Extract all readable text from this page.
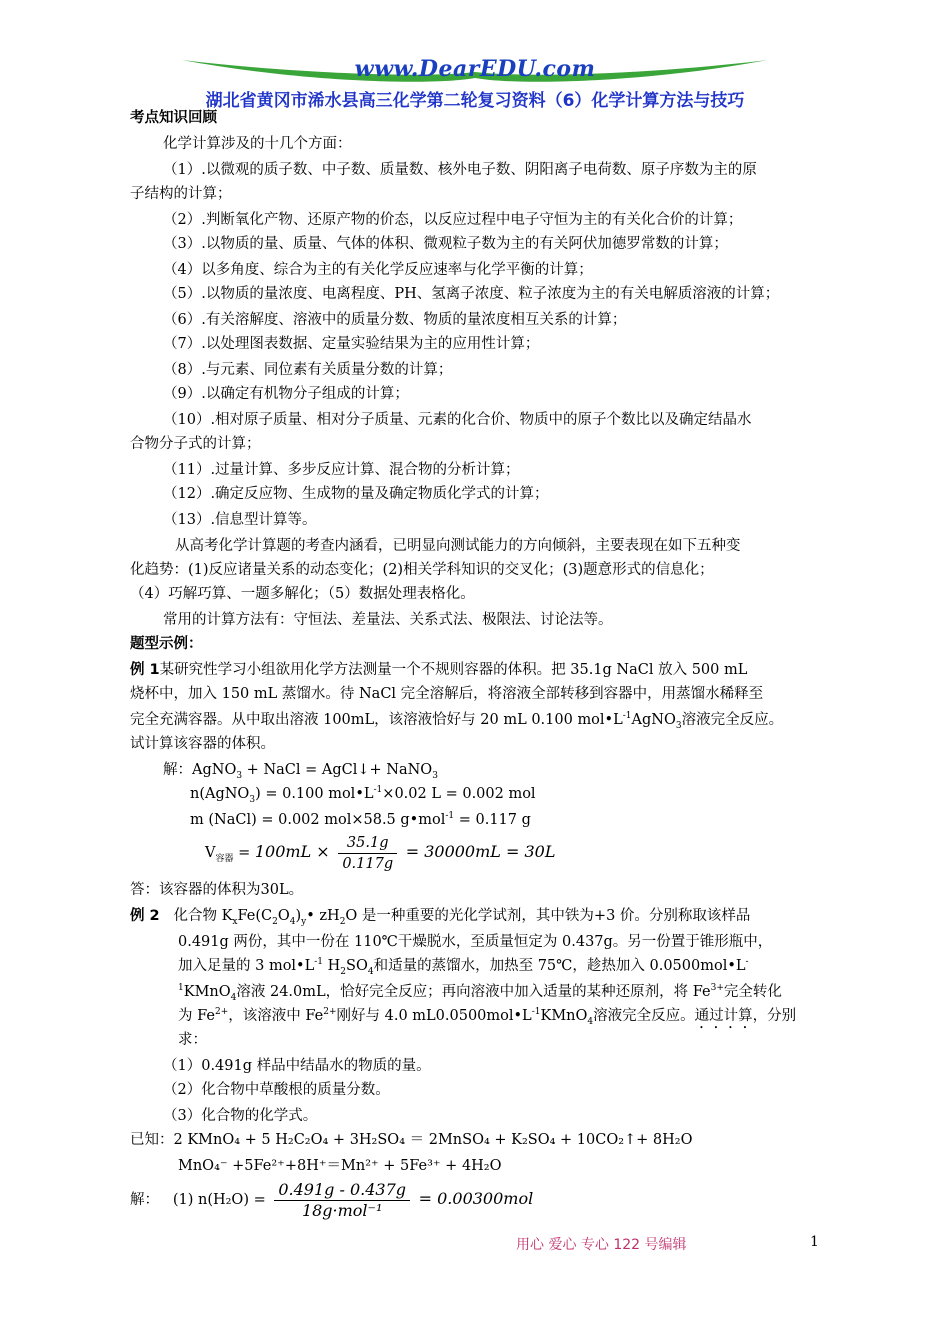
www.DearEDU.com
湖北省黄冈市浠水县高三化学第二轮复习资料（6）化学计算方法与技巧
考点知识回顾
化学计算涉及的十几个方面：
（1）.以微观的质子数、中子数、质量数、核外电子数、阴阳离子电荷数、原子序数为主的原
子结构的计算；
（2）.判断氧化产物、还原产物的价态，以反应过程中电子守恒为主的有关化合价的计算；
（3）.以物质的量、质量、气体的体积、微观粒子数为主的有关阿伏加德罗常数的计算；
（4）以多角度、综合为主的有关化学反应速率与化学平衡的计算；
（5）.以物质的量浓度、电离程度、PH、氢离子浓度、粒子浓度为主的有关电解质溶液的计算；
（6）.有关溶解度、溶液中的质量分数、物质的量浓度相互关系的计算；
（7）.以处理图表数据、定量实验结果为主的应用性计算；
（8）.与元素、同位素有关质量分数的计算；
（9）.以确定有机物分子组成的计算；
（10）.相对原子质量、相对分子质量、元素的化合价、物质中的原子个数比以及确定结晶水
合物分子式的计算；
（11）.过量计算、多步反应计算、混合物的分析计算；
（12）.确定反应物、生成物的量及确定物质化学式的计算；
（13）.信息型计算等。
从高考化学计算题的考查内涵看，已明显向测试能力的方向倾斜，主要表现在如下五种变
化趋势：(1)反应诸量关系的动态变化；(2)相关学科知识的交叉化；(3)题意形式的信息化；
（4）巧解巧算、一题多解化；（5）数据处理表格化。
常用的计算方法有：守恒法、差量法、关系式法、极限法、讨论法等。
题型示例：
例 1某研究性学习小组欲用化学方法测量一个不规则容器的体积。把 35.1g NaCl 放入 500 mL
烧杯中，加入 150 mL 蒸馏水。待 NaCl 完全溶解后，将溶液全部转移到容器中，用蒸馏水稀释至
完全充满容器。从中取出溶液 100mL，该溶液恰好与 20 mL 0.100 $mol•L^{-1}AgNO_3$溶液完全反应。
试计算该容器的体积。
解：AgNO$_3$ + NaCl = AgCl↓+ NaNO$_3$
n(AgNO$_3$) = 0.100 $mol•L^{-1}\times 0.02$ L = 0.002 mol
m (NaCl) = 0.002 mol×58.5 g•mol$^{-1}$ = 0.117 g
$V_{容器} = 100mL \times \frac{35.1g}{0.117g} = 30000mL = 30L$
答：该容器的体积为30L。
例 2 化合物 $K_xFe(C_2O_4)_y•$ $zH_2O$ 是一种重要的光化学试剂，其中铁为+3 价。分别称取该样品
0.491g 两份，其中一份在 110℃干燥脱水，至质量恒定为 0.437g。另一份置于锥形瓶中，
加入足量的 3 $mol•L^{-1}$ $H_2SO_4$和适量的蒸馏水，加热至 75℃，趁热加入 0.0500mol•L-
$^1$KMnO$_4$溶液 24.0mL，恰好完全反应；再向溶液中加入适量的某种还原剂，将 $Fe^{3+}$完全转化
为 $Fe^{2+}$，该溶液中 $Fe^{2+}$刚好与 4.0 $mL0.0500mol•L^{-1}KMnO_4$溶液完全反应。通过计算，分别
求：
（1）0.491g 样品中结晶水的物质的量。
（2）化合物中草酸根的质量分数。
（3）化合物的化学式。
已知：2 KMnO₄ + 5 H₂C₂O₄ + 3H₂SO₄ ＝ 2MnSO₄ + K₂SO₄ + 10CO₂↑+ 8H₂O
MnO₄⁻ +5Fe²⁺+8H⁺＝Mn²⁺ + 5Fe³⁺ + 4H₂O
解： (1) $n(H_2O) = \frac{0.491g - 0.437g}{\text{18g·mol⁻¹}} = 0.00300mol$
用心 爱心 专心 122 号编辑	1
